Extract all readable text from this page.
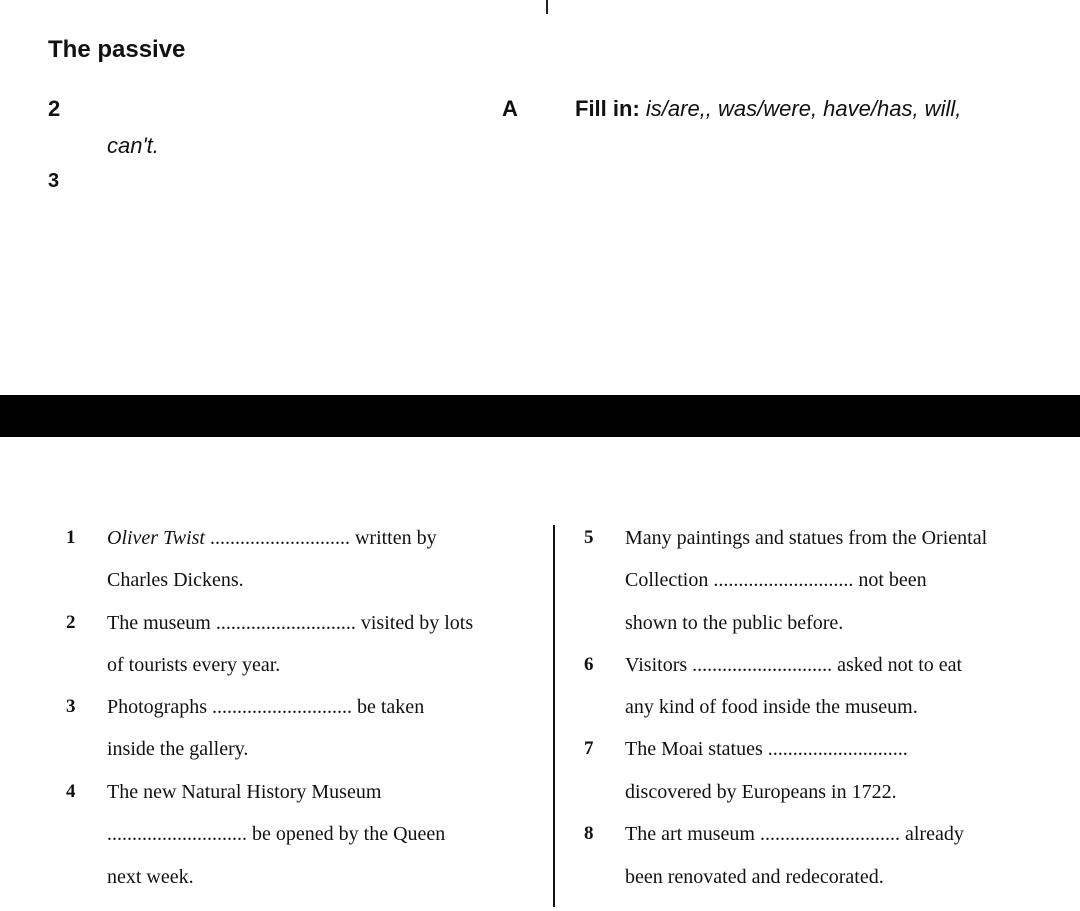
The passive
2	A	Fill in: is/are,, was/were, have/has, will,
can't.
3
1 Oliver Twist ............................ written by
Charles Dickens.
2 The museum ............................ visited by lots
of tourists every year.
3 Photographs ............................ be taken
inside the gallery.
4 The new Natural History Museum
............................ be opened by the Queen
next week.
5 Many paintings and statues from the Oriental
Collection ............................ not been
shown to the public before.
6 Visitors ............................ asked not to eat
any kind of food inside the museum.
7 The Moai statues ............................
discovered by Europeans in 1722.
8 The art museum ............................ already
been renovated and redecorated.
